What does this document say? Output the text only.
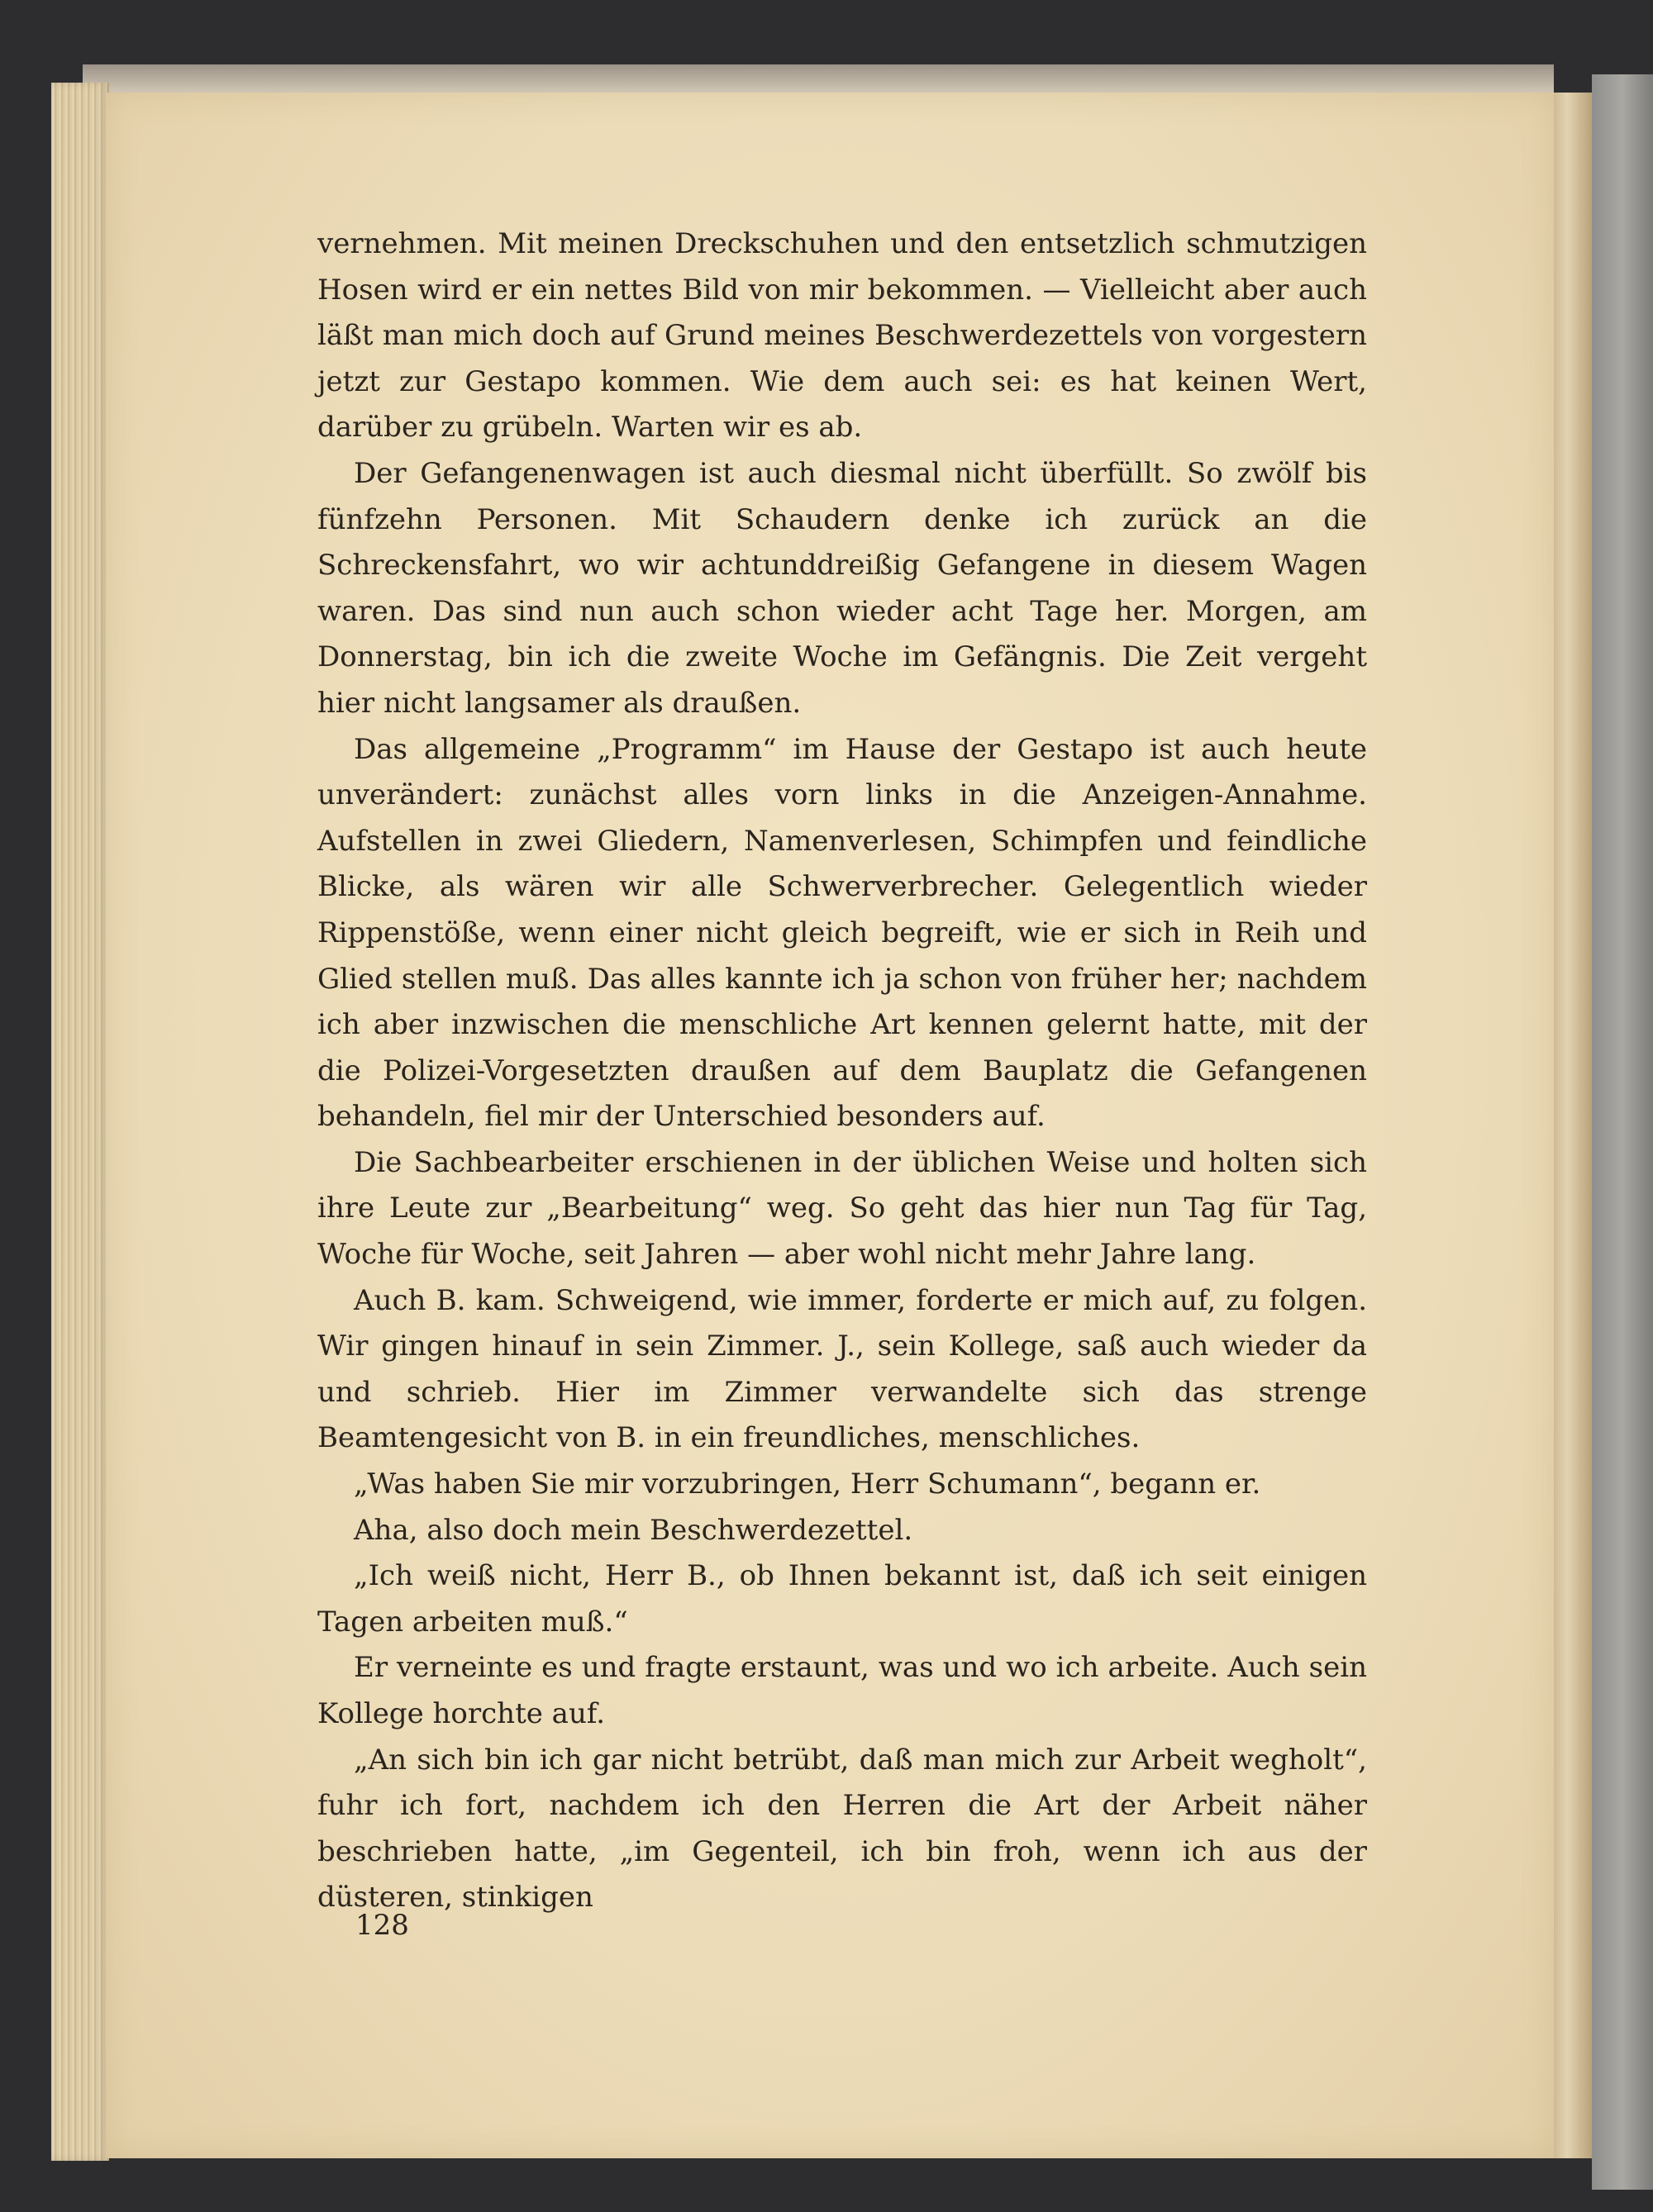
vernehmen. Mit meinen Dreckschuhen und den entsetzlich schmutzigen Hosen wird er ein nettes Bild von mir bekommen. — Vielleicht aber auch läßt man mich doch auf Grund meines Beschwerdezettels von vorgestern jetzt zur Gestapo kommen. Wie dem auch sei: es hat keinen Wert, darüber zu grübeln. Warten wir es ab.

Der Gefangenenwagen ist auch diesmal nicht überfüllt. So zwölf bis fünfzehn Personen. Mit Schaudern denke ich zurück an die Schreckensfahrt, wo wir achtunddreißig Gefangene in diesem Wagen waren. Das sind nun auch schon wieder acht Tage her. Morgen, am Donnerstag, bin ich die zweite Woche im Gefängnis. Die Zeit vergeht hier nicht langsamer als draußen.

Das allgemeine „Programm“ im Hause der Gestapo ist auch heute unverändert: zunächst alles vorn links in die Anzeigen-Annahme. Aufstellen in zwei Gliedern, Namenverlesen, Schimpfen und feindliche Blicke, als wären wir alle Schwerverbrecher. Gelegentlich wieder Rippenstöße, wenn einer nicht gleich begreift, wie er sich in Reih und Glied stellen muß. Das alles kannte ich ja schon von früher her; nachdem ich aber inzwischen die menschliche Art kennen gelernt hatte, mit der die Polizei-Vorgesetzten draußen auf dem Bauplatz die Gefangenen behandeln, fiel mir der Unterschied besonders auf.

Die Sachbearbeiter erschienen in der üblichen Weise und holten sich ihre Leute zur „Bearbeitung“ weg. So geht das hier nun Tag für Tag, Woche für Woche, seit Jahren — aber wohl nicht mehr Jahre lang.

Auch B. kam. Schweigend, wie immer, forderte er mich auf, zu folgen. Wir gingen hinauf in sein Zimmer. J., sein Kollege, saß auch wieder da und schrieb. Hier im Zimmer verwandelte sich das strenge Beamtengesicht von B. in ein freundliches, menschliches.

„Was haben Sie mir vorzubringen, Herr Schumann“, begann er.

Aha, also doch mein Beschwerdezettel.

„Ich weiß nicht, Herr B., ob Ihnen bekannt ist, daß ich seit einigen Tagen arbeiten muß.“

Er verneinte es und fragte erstaunt, was und wo ich arbeite. Auch sein Kollege horchte auf.

„An sich bin ich gar nicht betrübt, daß man mich zur Arbeit wegholt“, fuhr ich fort, nachdem ich den Herren die Art der Arbeit näher beschrieben hatte, „im Gegenteil, ich bin froh, wenn ich aus der düsteren, stinkigen

128
